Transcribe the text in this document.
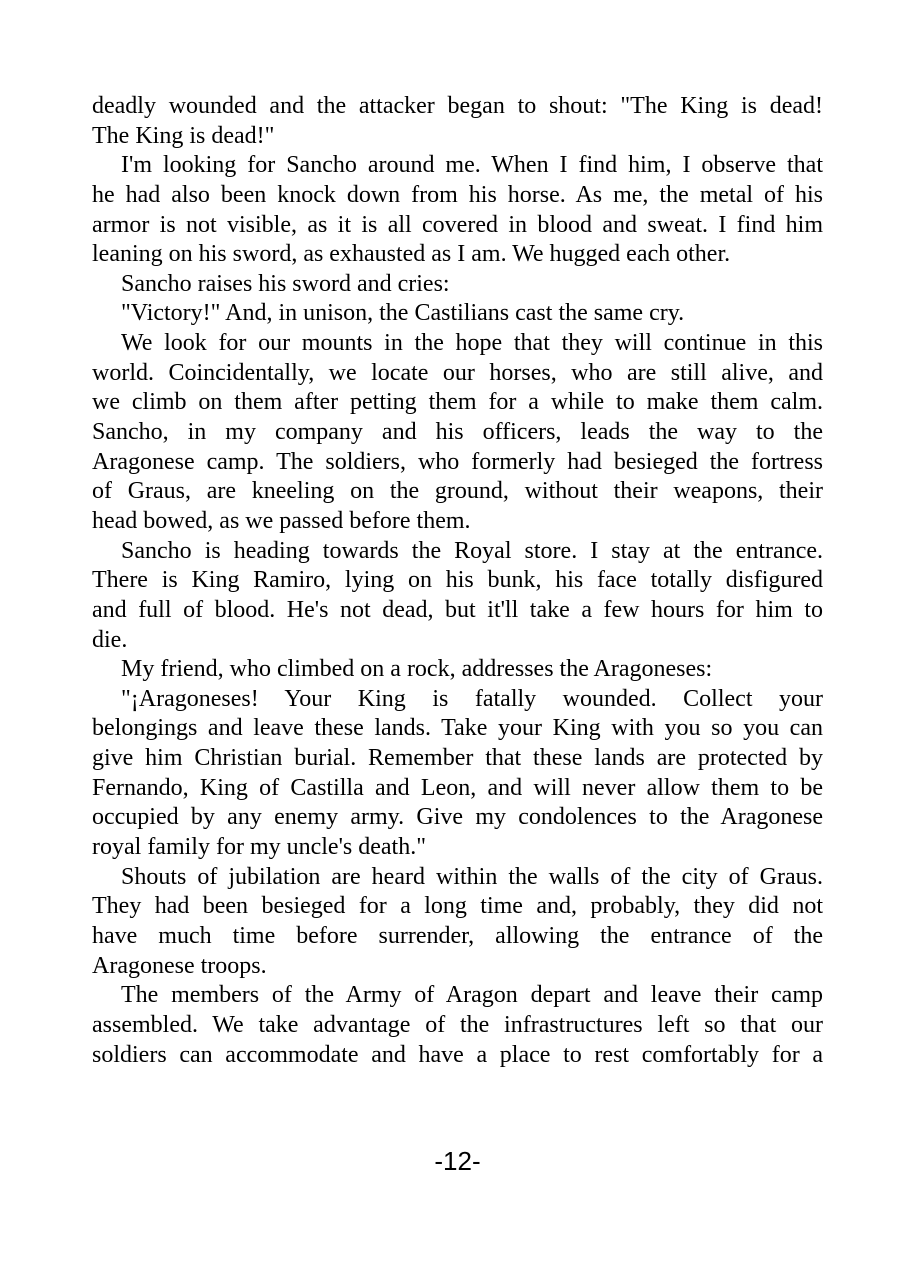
deadly wounded and the attacker began to shout: "The King is dead!
The King is dead!"
I'm looking for Sancho around me. When I find him, I observe that
he had also been knock down from his horse. As me, the metal of his
armor is not visible, as it is all covered in blood and sweat. I find him
leaning on his sword, as exhausted as I am. We hugged each other.
Sancho raises his sword and cries:
"Victory!" And, in unison, the Castilians cast the same cry.
We look for our mounts in the hope that they will continue in this
world. Coincidentally, we locate our horses, who are still alive, and
we climb on them after petting them for a while to make them calm.
Sancho, in my company and his officers, leads the way to the
Aragonese camp. The soldiers, who formerly had besieged the fortress
of Graus, are kneeling on the ground, without their weapons, their
head bowed, as we passed before them.
Sancho is heading towards the Royal store. I stay at the entrance.
There is King Ramiro, lying on his bunk, his face totally disfigured
and full of blood. He's not dead, but it'll take a few hours for him to
die.
My friend, who climbed on a rock, addresses the Aragoneses:
"¡Aragoneses! Your King is fatally wounded. Collect your
belongings and leave these lands. Take your King with you so you can
give him Christian burial. Remember that these lands are protected by
Fernando, King of Castilla and Leon, and will never allow them to be
occupied by any enemy army. Give my condolences to the Aragonese
royal family for my uncle's death."
Shouts of jubilation are heard within the walls of the city of Graus.
They had been besieged for a long time and, probably, they did not
have much time before surrender, allowing the entrance of the
Aragonese troops.
The members of the Army of Aragon depart and leave their camp
assembled. We take advantage of the infrastructures left so that our
soldiers can accommodate and have a place to rest comfortably for a
-12-
